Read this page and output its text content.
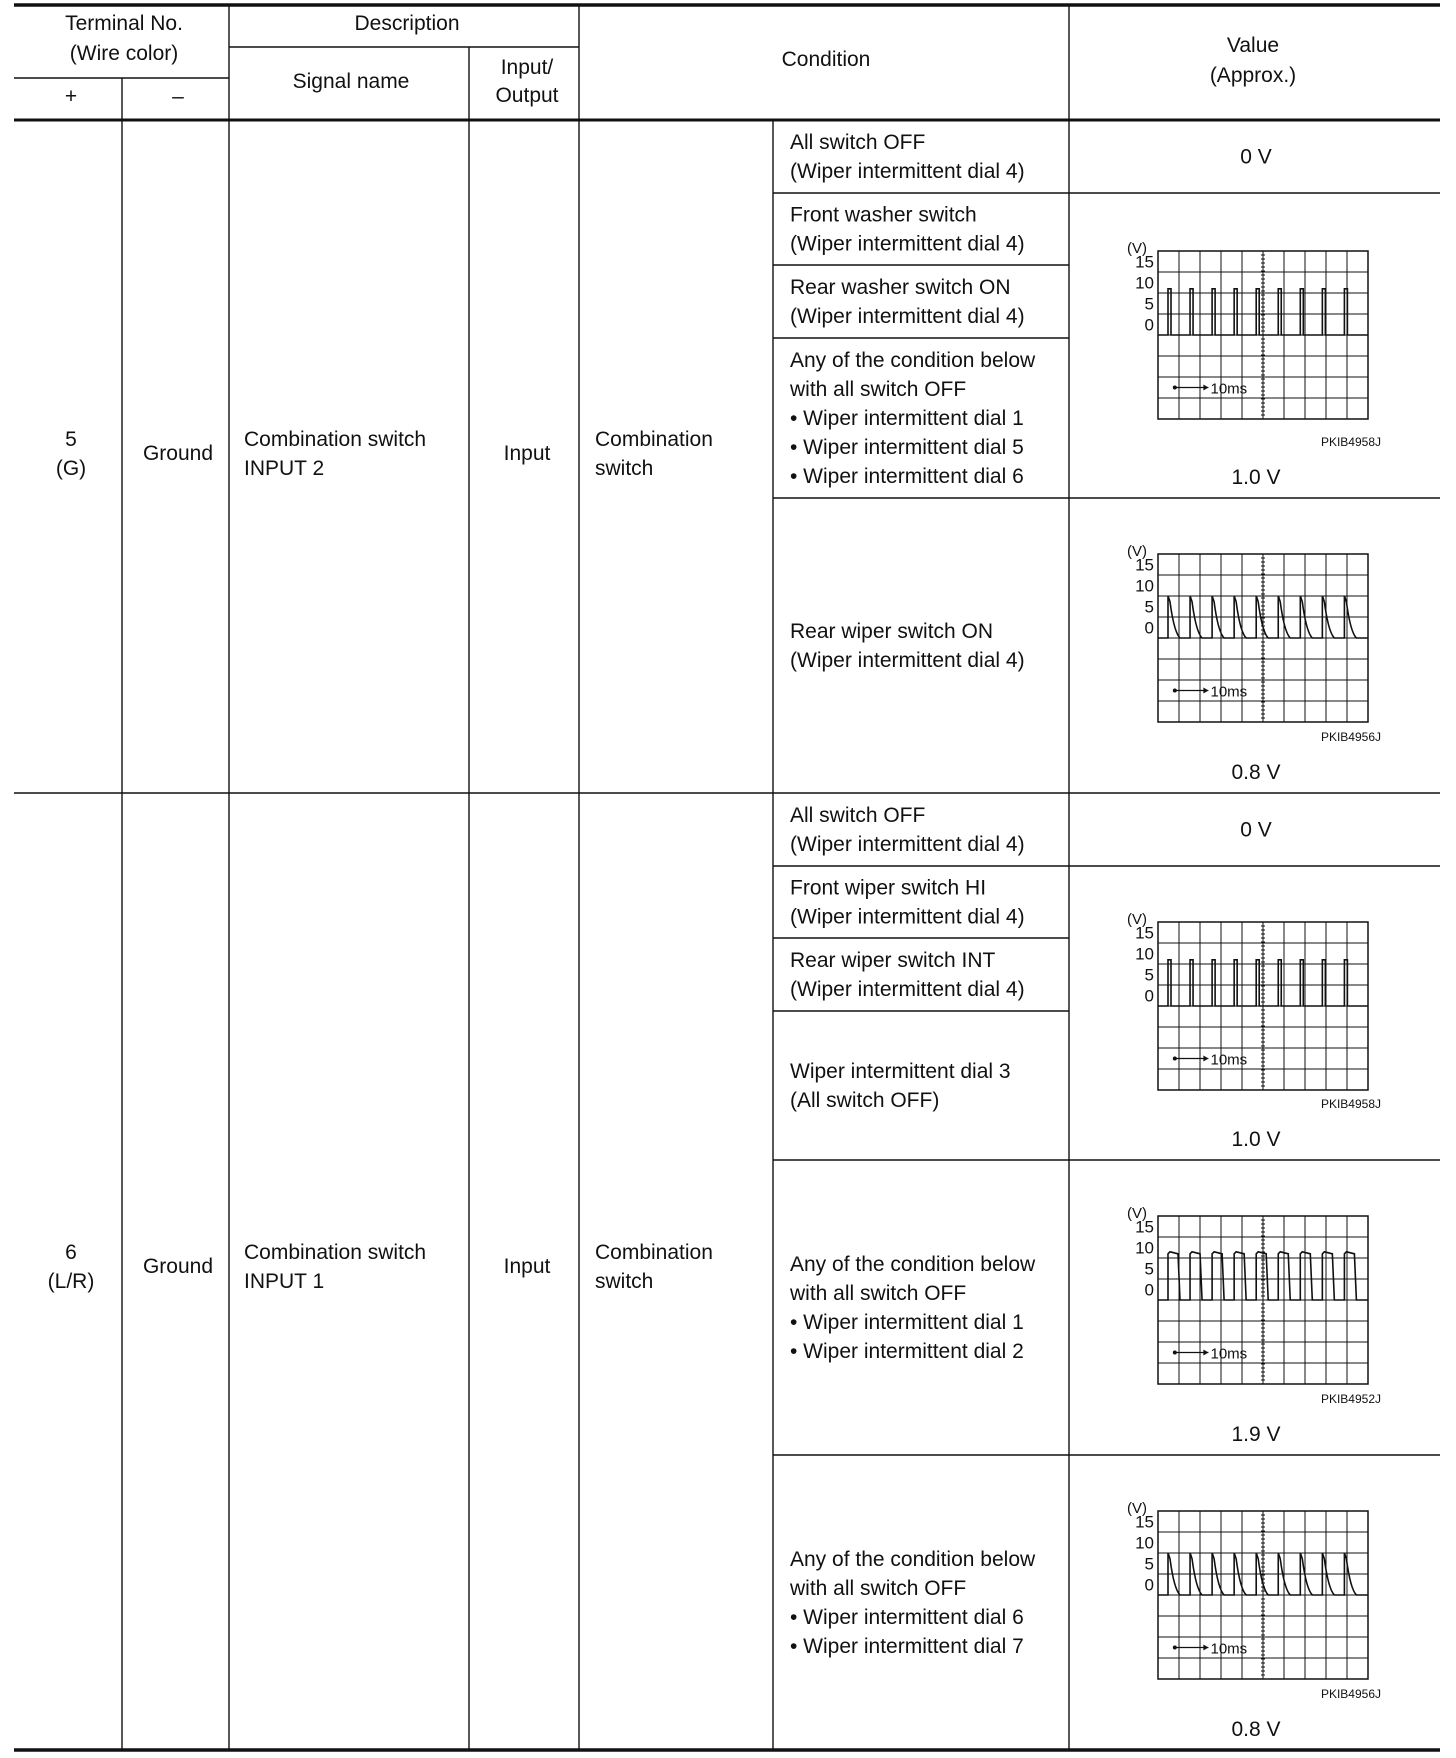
Terminal No.
(Wire color)
Description
+	–
Signal name
Input/
Output
Condition
Value
(Approx.)
5
(G)
Ground
Combination switch
INPUT 2
Input
Combination
switch
6
(L/R)
Ground
Combination switch
INPUT 1
Input
Combination
switch
All switch OFF
(Wiper intermittent dial 4)
Front washer switch
(Wiper intermittent dial 4)
Rear washer switch ON
(Wiper intermittent dial 4)
Any of the condition below
with all switch OFF
• Wiper intermittent dial 1
• Wiper intermittent dial 5
• Wiper intermittent dial 6
Rear wiper switch ON
(Wiper intermittent dial 4)
All switch OFF
(Wiper intermittent dial 4)
Front wiper switch HI
(Wiper intermittent dial 4)
Rear wiper switch INT
(Wiper intermittent dial 4)
Wiper intermittent dial 3
(All switch OFF)
Any of the condition below
with all switch OFF
• Wiper intermittent dial 1
• Wiper intermittent dial 2
Any of the condition below
with all switch OFF
• Wiper intermittent dial 6
• Wiper intermittent dial 7
0 V
(V)
15
10
5
0
10ms
PKIB4958J
1.0 V
(V)
15
10
5
0
10ms
PKIB4956J
0.8 V
0 V
(V)
15
10
5
0
10ms
PKIB4958J
1.0 V
(V)
15
10
5
0
10ms
PKIB4952J
1.9 V
(V)
15
10
5
0
10ms
PKIB4956J
0.8 V
